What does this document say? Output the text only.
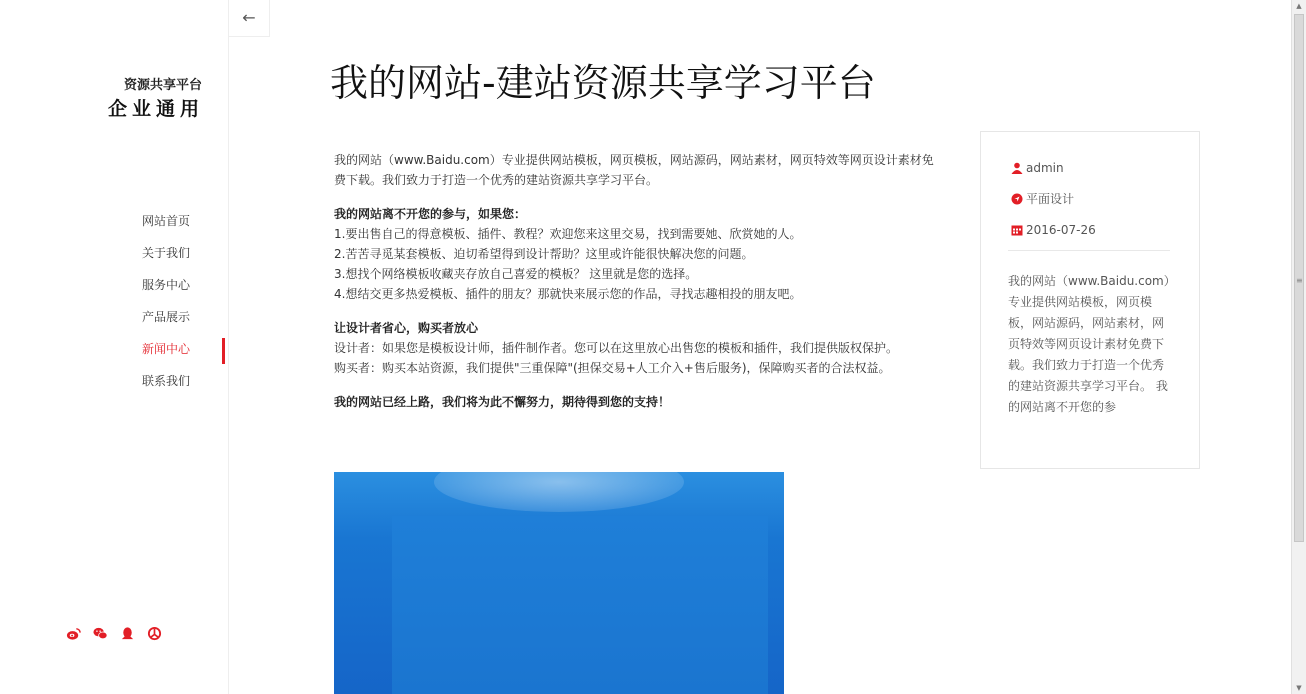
资源共享平台
企业通用
网站首页
关于我们
服务中心
产品展示
新闻中心
联系我们
←
我的网站-建站资源共享学习平台
我的网站（www.Baidu.com）专业提供网站模板，网页模板，网站源码，网站素材，网页特效等网页设计素材免
费下载。我们致力于打造一个优秀的建站资源共享学习平台。
我的网站离不开您的参与，如果您：
1.要出售自己的得意模板、插件、教程？欢迎您来这里交易，找到需要她、欣赏她的人。
2.苦苦寻觅某套模板、迫切希望得到设计帮助？这里或许能很快解决您的问题。
3.想找个网络模板收藏夹存放自己喜爱的模板？ 这里就是您的选择。
4.想结交更多热爱模板、插件的朋友？那就快来展示您的作品，寻找志趣相投的朋友吧。
让设计者省心，购买者放心
设计者：如果您是模板设计师，插件制作者。您可以在这里放心出售您的模板和插件，我们提供版权保护。
购买者：购买本站资源，我们提供"三重保障"(担保交易+人工介入+售后服务)，保障购买者的合法权益。
我的网站已经上路，我们将为此不懈努力，期待得到您的支持！
admin
平面设计
2016-07-26
我的网站（www.Baidu.com）专业提供网站模板，网页模板，网站源码，网站素材，网页特效等网页设计素材免费下载。我们致力于打造一个优秀的建站资源共享学习平台。 我的网站离不开您的参
▲
≡
▼
